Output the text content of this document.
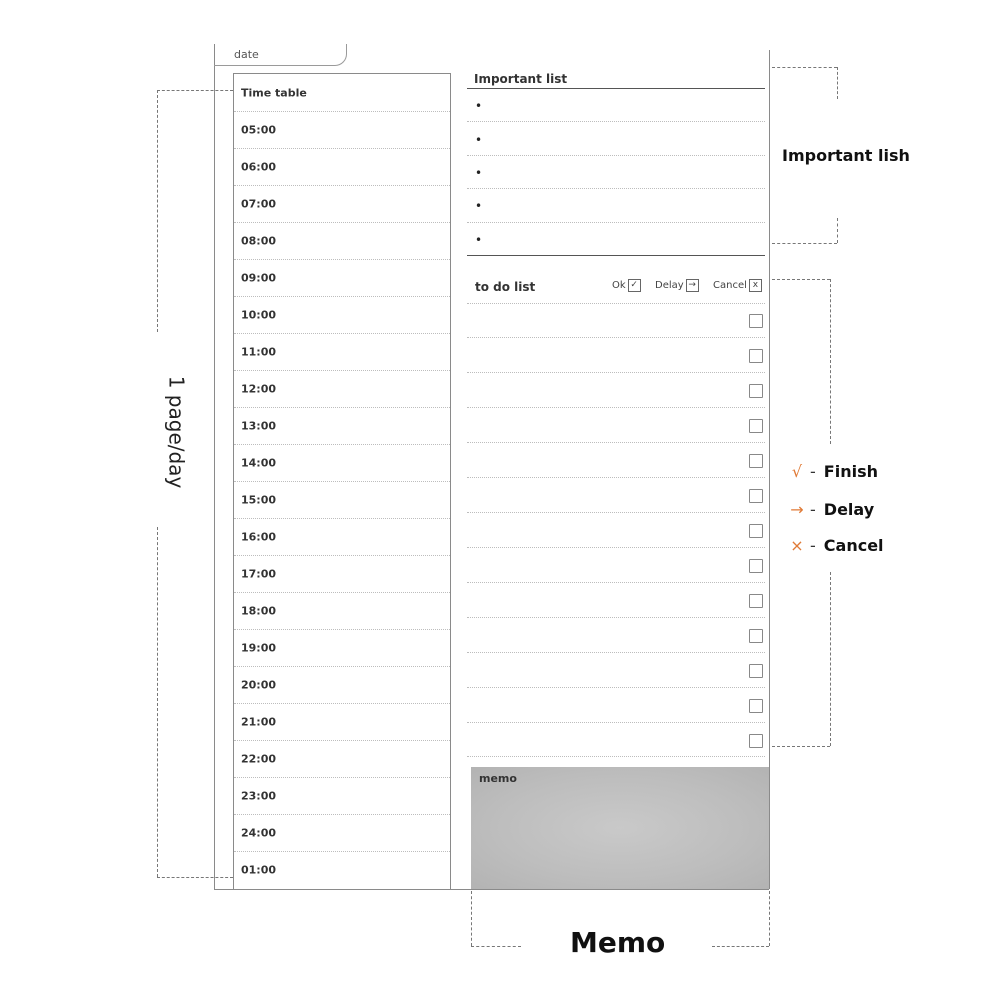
date
Time table
05:00
06:00
07:00
08:00
09:00
10:00
11:00
12:00
13:00
14:00
15:00
16:00
17:00
18:00
19:00
20:00
21:00
22:00
23:00
24:00
01:00
Important list
•
•
•
•
•
to do list	Ok ✓ Delay → Cancel x
memo
1 page/day
Important lish
√ - Finish
→ - Delay
× - Cancel
Memo
